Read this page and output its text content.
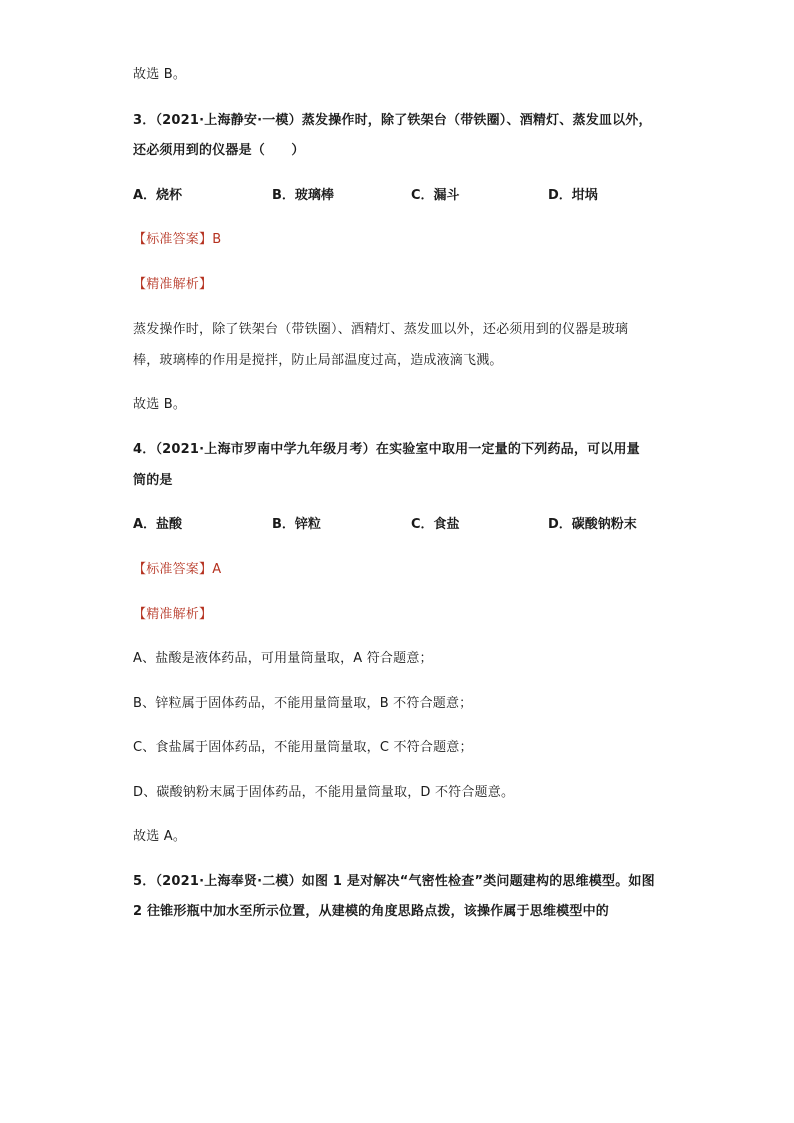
故选 B。
3．（2021·上海静安·一模）蒸发操作时，除了铁架台（带铁圈）、酒精灯、蒸发皿以外，
还必须用到的仪器是（　　）
A．烧杯	B．玻璃棒	C．漏斗	D．坩埚
【标准答案】B
【精准解析】
蒸发操作时，除了铁架台（带铁圈）、酒精灯、蒸发皿以外，还必须用到的仪器是玻璃
棒，玻璃棒的作用是搅拌，防止局部温度过高，造成液滴飞溅。
故选 B。
4．（2021·上海市罗南中学九年级月考）在实验室中取用一定量的下列药品，可以用量
筒的是
A．盐酸	B．锌粒	C．食盐	D．碳酸钠粉末
【标准答案】A
【精准解析】
A、盐酸是液体药品，可用量筒量取，A 符合题意；
B、锌粒属于固体药品，不能用量筒量取，B 不符合题意；
C、食盐属于固体药品，不能用量筒量取，C 不符合题意；
D、碳酸钠粉末属于固体药品，不能用量筒量取，D 不符合题意。
故选 A。
5．（2021·上海奉贤·二模）如图 1 是对解决“气密性检查”类问题建构的思维模型。如图
2 往锥形瓶中加水至所示位置，从建模的角度思路点拨，该操作属于思维模型中的
